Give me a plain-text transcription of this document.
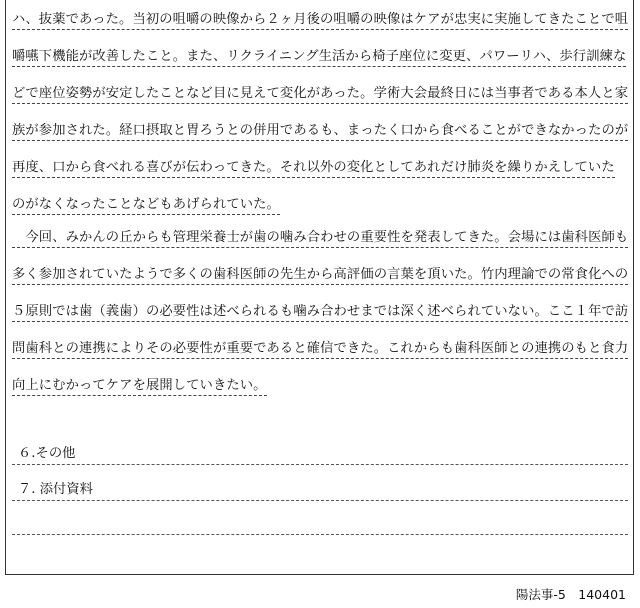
ハ、抜薬であった。当初の咀嚼の映像から２ヶ月後の咀嚼の映像はケアが忠実に実施してきたことで咀
嚼嚥下機能が改善したこと。また、リクライニング生活から椅子座位に変更、パワーリハ、歩行訓練な
どで座位姿勢が安定したことなど目に見えて変化があった。学術大会最終日には当事者である本人と家
族が参加された。経口摂取と胃ろうとの併用であるも、まったく口から食べることができなかったのが
再度、口から食べれる喜びが伝わってきた。それ以外の変化としてあれだけ肺炎を繰りかえしていた
のがなくなったことなどもあげられていた。
　今回、みかんの丘からも管理栄養士が歯の噛み合わせの重要性を発表してきた。会場には歯科医師も
多く参加されていたようで多くの歯科医師の先生から高評価の言葉を頂いた。竹内理論での常食化への
５原則では歯（義歯）の必要性は述べられるも噛み合わせまでは深く述べられていない。ここ１年で訪
問歯科との連携によりその必要性が重要であると確信できた。これからも歯科医師との連携のもと食力
向上にむかってケアを展開していきたい。
６.その他
７. 添付資料
陽法事-5　140401
